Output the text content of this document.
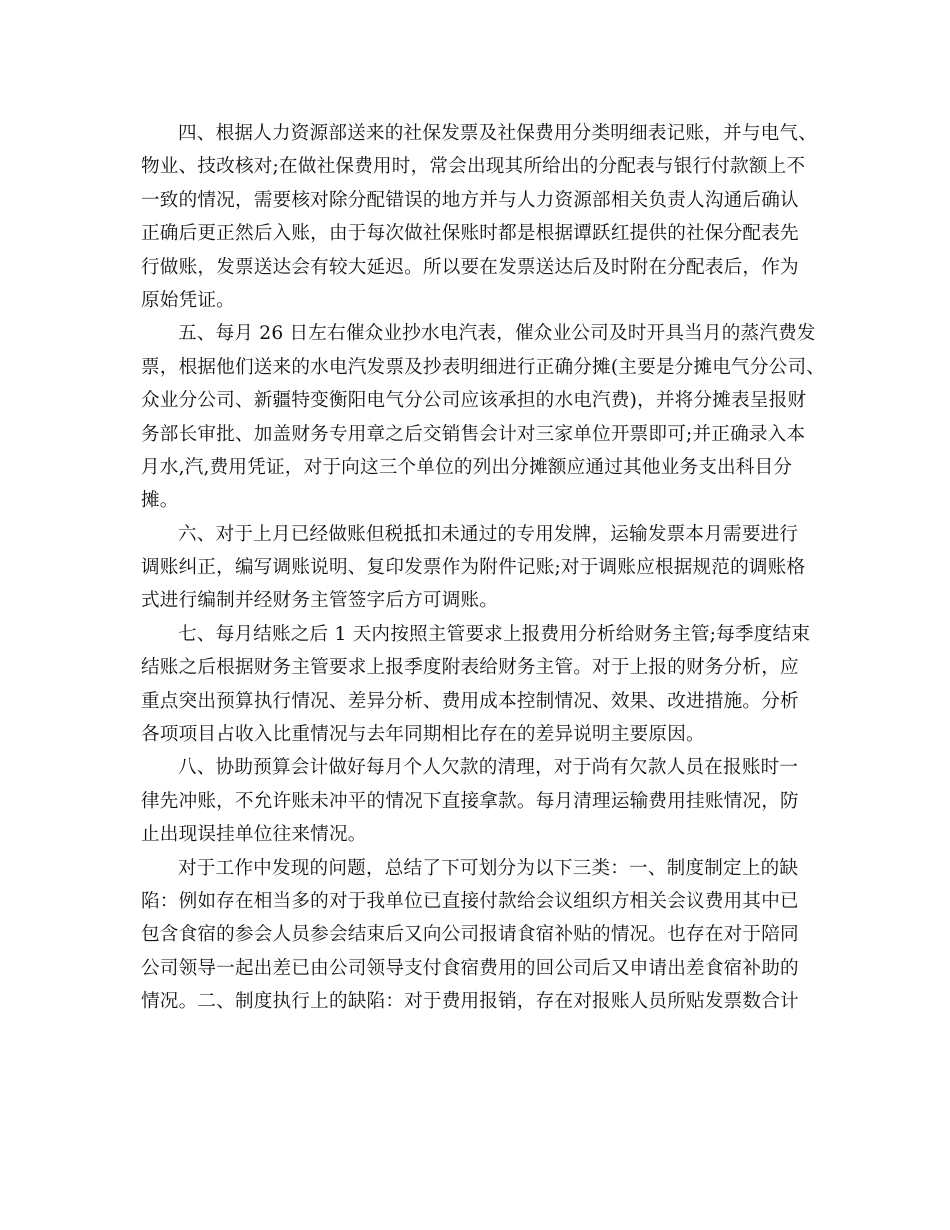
四、根据人力资源部送来的社保发票及社保费用分类明细表记账，并与电气、
物业、技改核对;在做社保费用时，常会出现其所给出的分配表与银行付款额上不
一致的情况，需要核对除分配错误的地方并与人力资源部相关负责人沟通后确认
正确后更正然后入账，由于每次做社保账时都是根据谭跃红提供的社保分配表先
行做账，发票送达会有较大延迟。所以要在发票送达后及时附在分配表后，作为
原始凭证。
五、每月 26 日左右催众业抄水电汽表，催众业公司及时开具当月的蒸汽费发
票，根据他们送来的水电汽发票及抄表明细进行正确分摊(主要是分摊电气分公司、
众业分公司、新疆特变衡阳电气分公司应该承担的水电汽费)，并将分摊表呈报财
务部长审批、加盖财务专用章之后交销售会计对三家单位开票即可;并正确录入本
月水,汽,费用凭证，对于向这三个单位的列出分摊额应通过其他业务支出科目分
摊。
六、对于上月已经做账但税抵扣未通过的专用发牌，运输发票本月需要进行
调账纠正，编写调账说明、复印发票作为附件记账;对于调账应根据规范的调账格
式进行编制并经财务主管签字后方可调账。
七、每月结账之后 1 天内按照主管要求上报费用分析给财务主管;每季度结束
结账之后根据财务主管要求上报季度附表给财务主管。对于上报的财务分析，应
重点突出预算执行情况、差异分析、费用成本控制情况、效果、改进措施。分析
各项项目占收入比重情况与去年同期相比存在的差异说明主要原因。
八、协助预算会计做好每月个人欠款的清理，对于尚有欠款人员在报账时一
律先冲账，不允许账未冲平的情况下直接拿款。每月清理运输费用挂账情况，防
止出现误挂单位往来情况。
对于工作中发现的问题，总结了下可划分为以下三类：一、制度制定上的缺
陷：例如存在相当多的对于我单位已直接付款给会议组织方相关会议费用其中已
包含食宿的参会人员参会结束后又向公司报请食宿补贴的情况。也存在对于陪同
公司领导一起出差已由公司领导支付食宿费用的回公司后又申请出差食宿补助的
情况。二、制度执行上的缺陷：对于费用报销，存在对报账人员所贴发票数合计
